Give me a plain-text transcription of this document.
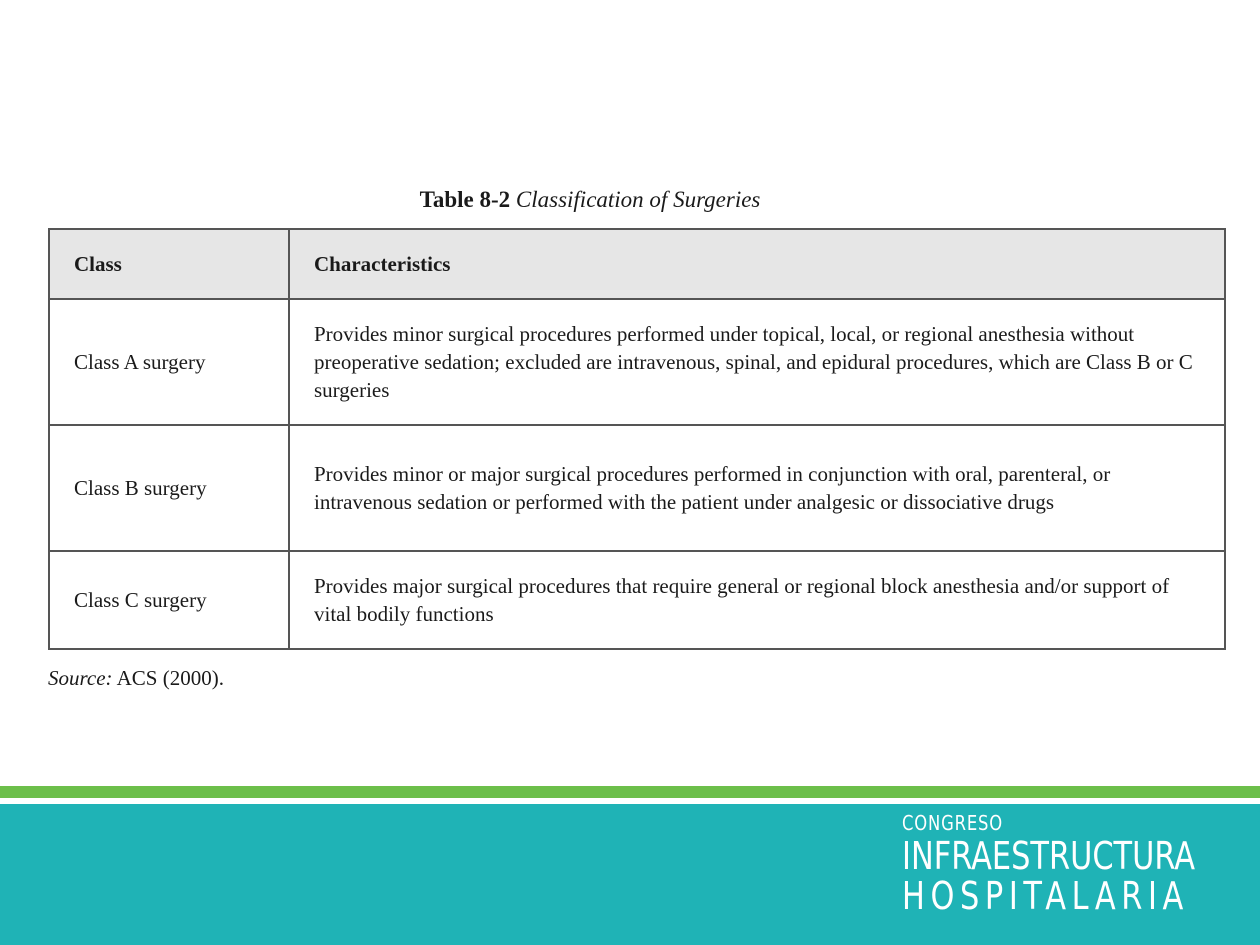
Table 8-2 Classification of Surgeries
Class	Characteristics
Class A surgery	Provides minor surgical procedures performed under topical, local, or regional anesthesia without preoperative sedation; excluded are intravenous, spinal, and epidural procedures, which are Class B or C surgeries
Class B surgery	Provides minor or major surgical procedures performed in conjunction with oral, parenteral, or intravenous sedation or performed with the patient under analgesic or dissociative drugs
Class C surgery	Provides major surgical procedures that require general or regional block anesthesia and/or support of vital bodily functions
Source: ACS (2000).
CONGRESO
INFRAESTRUCTURA
HOSPITALARIA
